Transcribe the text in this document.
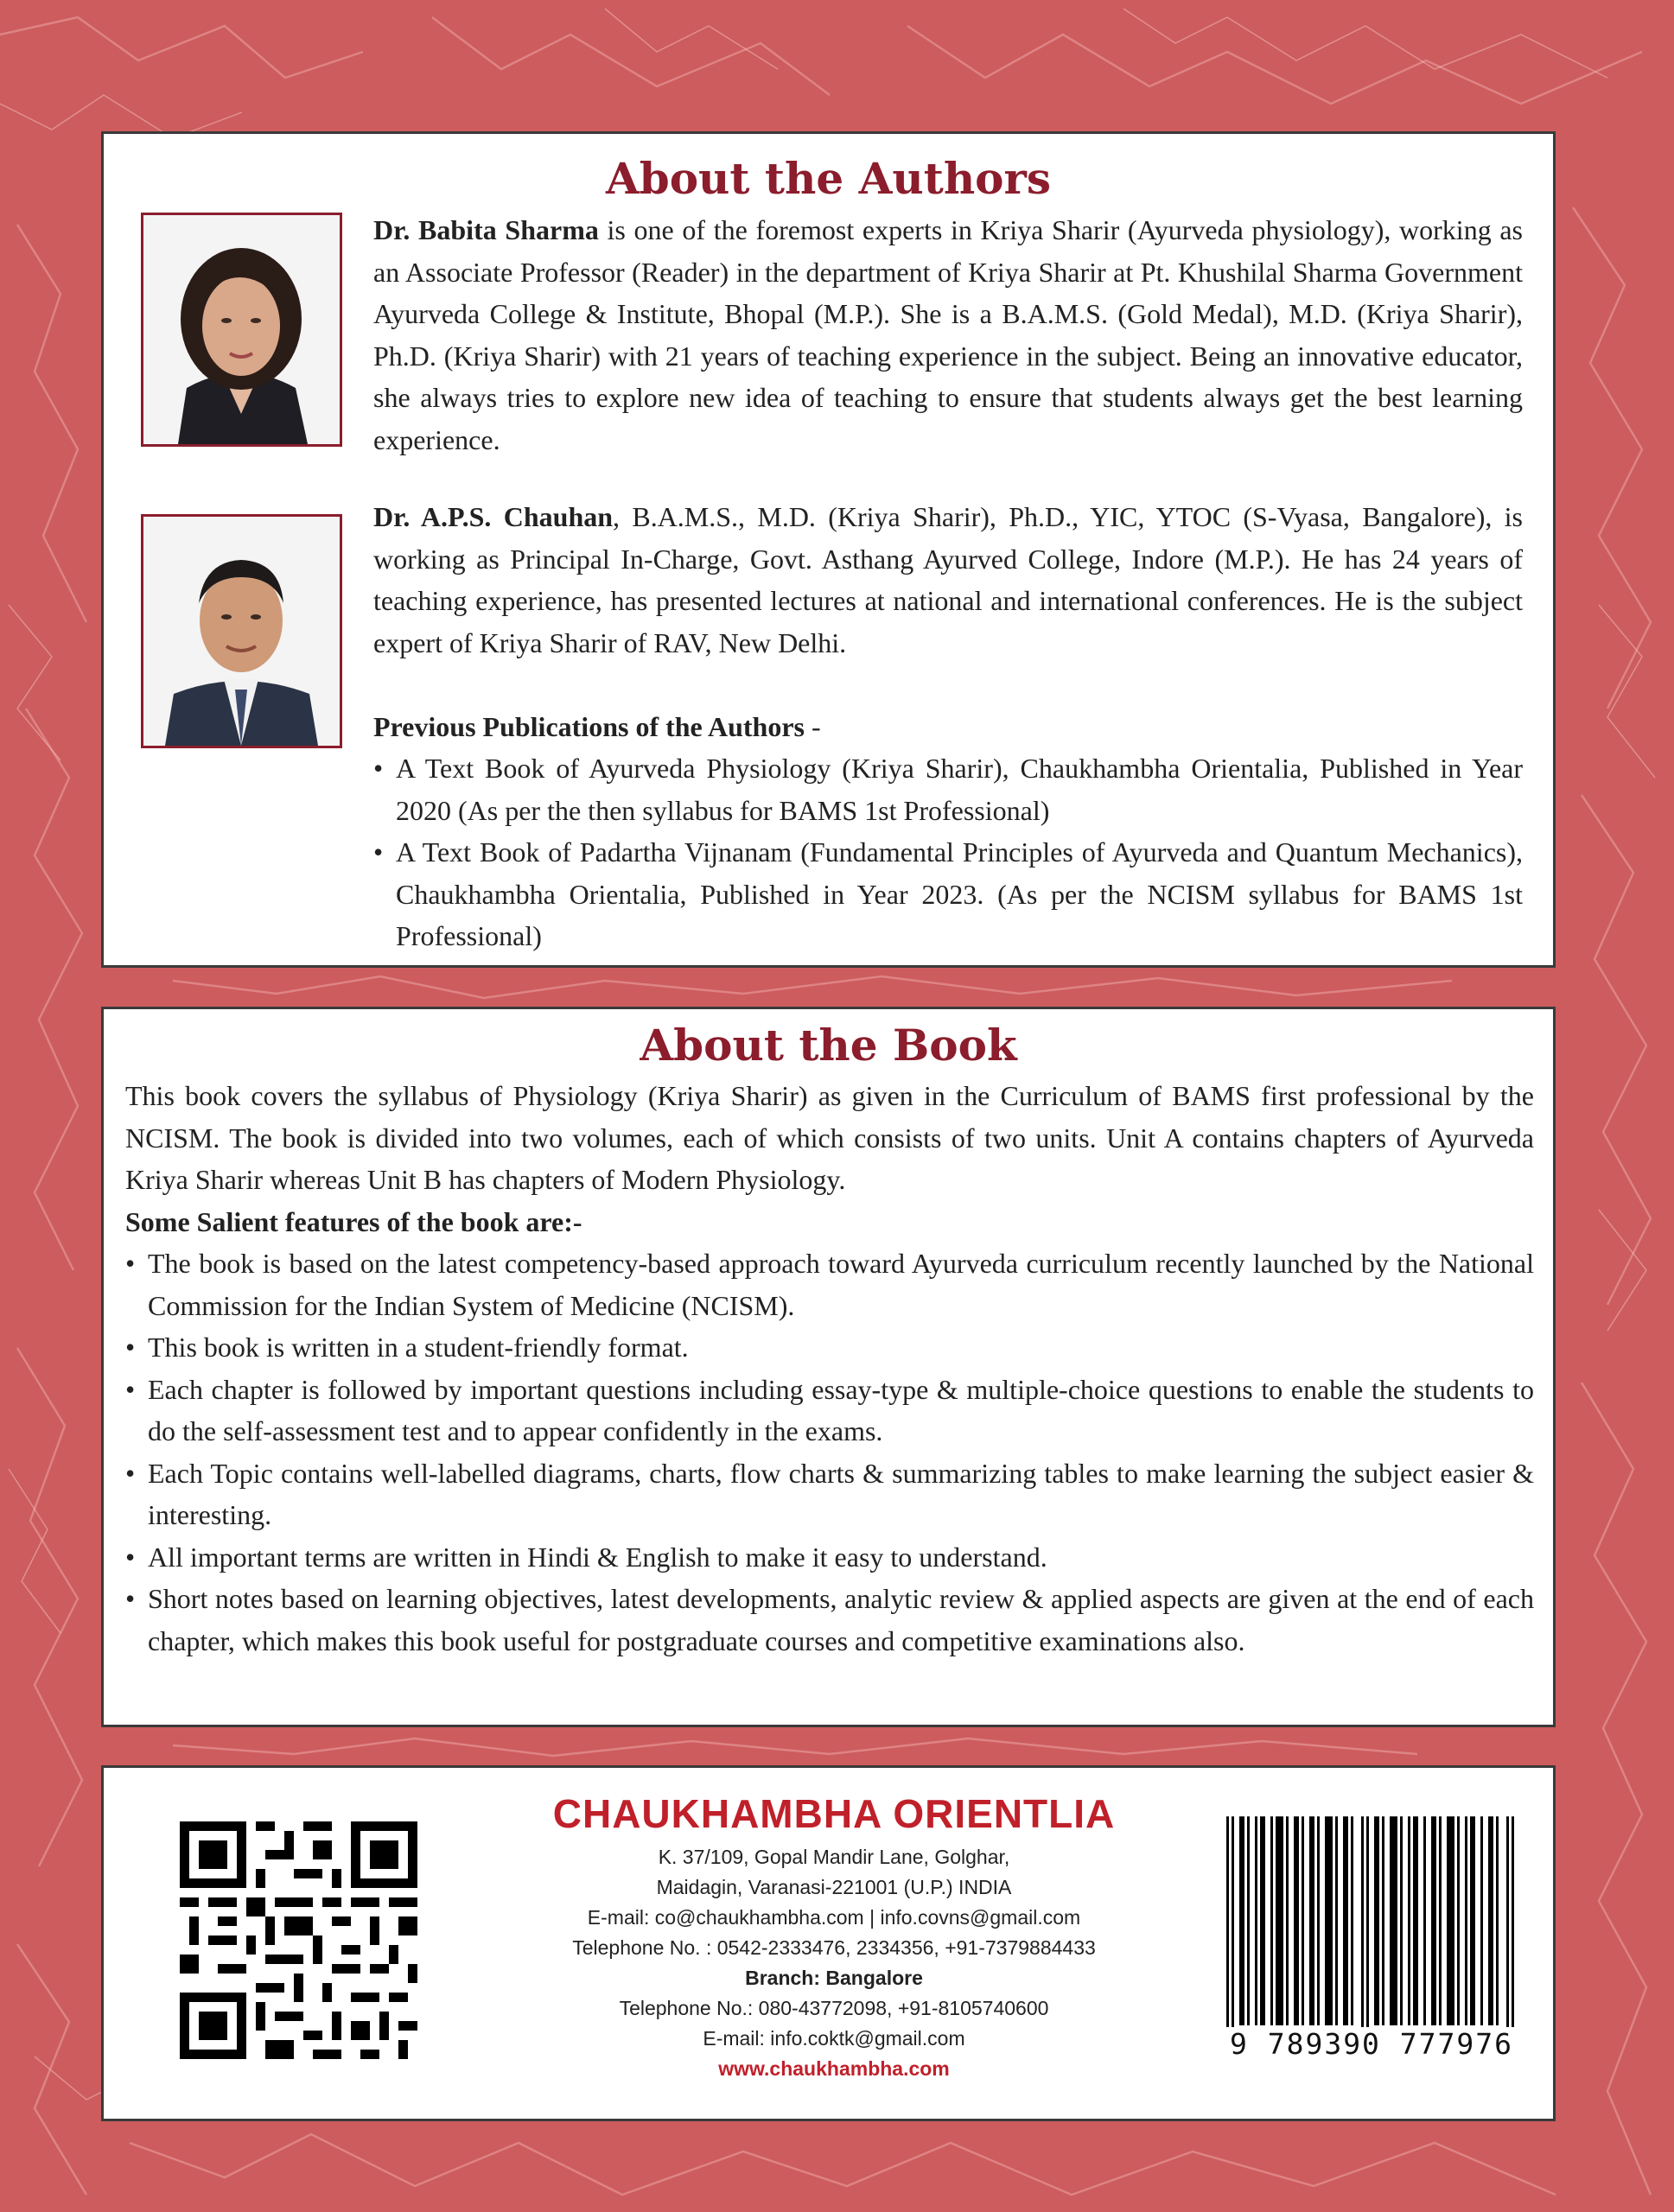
About the Authors

Dr. Babita Sharma is one of the foremost experts in Kriya Sharir (Ayurveda physiology), working as an Associate Professor (Reader) in the department of Kriya Sharir at Pt. Khushilal Sharma Government Ayurveda College & Institute, Bhopal (M.P.). She is a B.A.M.S. (Gold Medal), M.D. (Kriya Sharir), Ph.D. (Kriya Sharir) with 21 years of teaching experience in the subject. Being an innovative educator, she always tries to explore new idea of teaching to ensure that students always get the best learning experience.

Dr. A.P.S. Chauhan, B.A.M.S., M.D. (Kriya Sharir), Ph.D., YIC, YTOC (S-Vyasa, Bangalore), is working as Principal In-Charge, Govt. Asthang Ayurved College, Indore (M.P.). He has 24 years of teaching experience, has presented lectures at national and international conferences. He is the subject expert of Kriya Sharir of RAV, New Delhi.

Previous Publications of the Authors -

• A Text Book of Ayurveda Physiology (Kriya Sharir), Chaukhambha Orientalia, Published in Year 2020 (As per the then syllabus for BAMS 1st Professional)
• A Text Book of Padartha Vijnanam (Fundamental Principles of Ayurveda and Quantum Mechanics), Chaukhambha Orientalia, Published in Year 2023. (As per the NCISM syllabus for BAMS 1st Professional)
About the Book

This book covers the syllabus of Physiology (Kriya Sharir) as given in the Curriculum of BAMS first professional by the NCISM. The book is divided into two volumes, each of which consists of two units. Unit A contains chapters of Ayurveda Kriya Sharir whereas Unit B has chapters of Modern Physiology.

Some Salient features of the book are:-

• The book is based on the latest competency-based approach toward Ayurveda curriculum recently launched by the National Commission for the Indian System of Medicine (NCISM).
• This book is written in a student-friendly format.
• Each chapter is followed by important questions including essay-type & multiple-choice questions to enable the students to do the self-assessment test and to appear confidently in the exams.
• Each Topic contains well-labelled diagrams, charts, flow charts & summarizing tables to make learning the subject easier & interesting.
• All important terms are written in Hindi & English to make it easy to understand.
• Short notes based on learning objectives, latest developments, analytic review & applied aspects are given at the end of each chapter, which makes this book useful for postgraduate courses and competitive examinations also.
CHAUKHAMBHA ORIENTLIA
K. 37/109, Gopal Mandir Lane, Golghar,
Maidagin, Varanasi-221001 (U.P.) INDIA
E-mail: co@chaukhambha.com | info.covns@gmail.com
Telephone No. : 0542-2333476, 2334356, +91-7379884433
Branch: Bangalore
Telephone No.: 080-43772098, +91-8105740600
E-mail: info.coktk@gmail.com
www.chaukhambha.com
9 789390 777976
